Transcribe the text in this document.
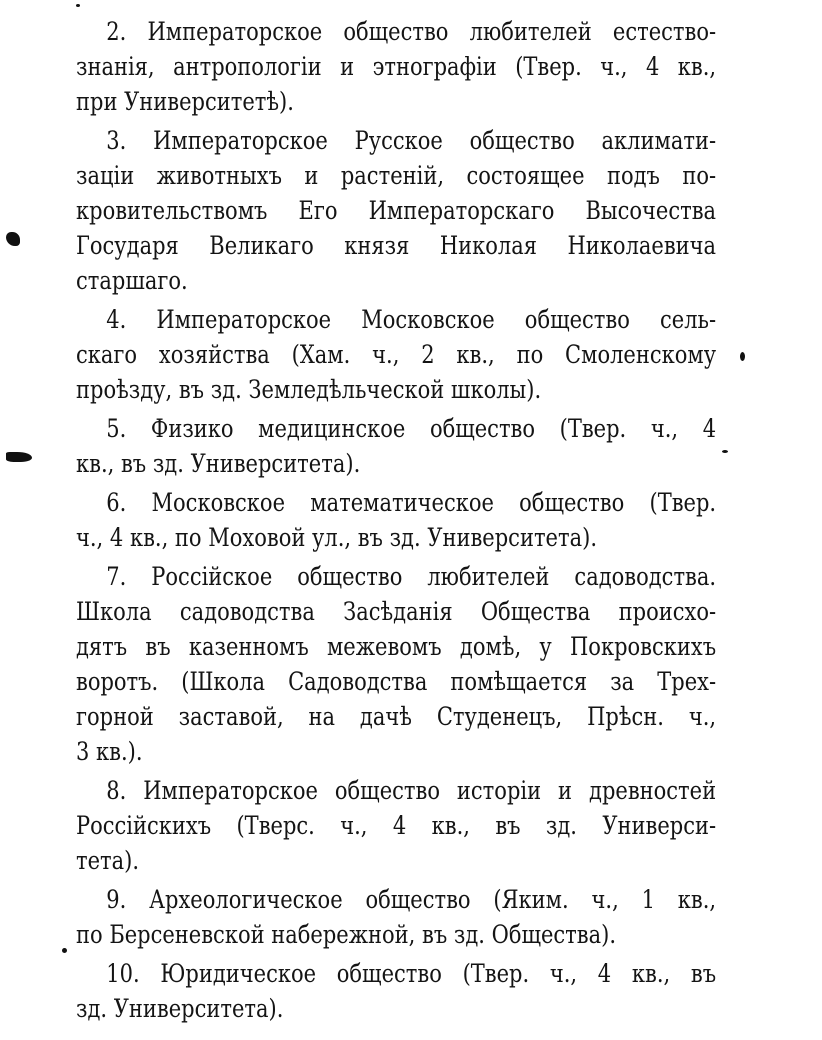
2. Императорское общество любителей естество-
знанія, антропологіи и этнографіи (Твер. ч., 4 кв.,
при Университетѣ).
3. Императорское Русское общество аклимати-
заціи животныхъ и растеній, состоящее подъ по-
кровительствомъ Его Императорскаго Высочества
Государя Великаго князя Николая Николаевича
старшаго.
4. Императорское Московское общество сель-
скаго хозяйства (Хам. ч., 2 кв., по Смоленскому
проѣзду, въ зд. Земледѣльческой школы).
5. Физико медицинское общество (Твер. ч., 4
кв., въ зд. Университета).
6. Московское математическое общество (Твер.
ч., 4 кв., по Моховой ул., въ зд. Университета).
7. Россійское общество любителей садоводства.
Школа садоводства Засѣданія Общества происхо-
дятъ въ казенномъ межевомъ домѣ, у Покровскихъ
воротъ. (Школа Садоводства помѣщается за Трех-
горной заставой, на дачѣ Студенецъ, Прѣсн. ч.,
3 кв.).
8. Императорское общество исторіи и древностей
Россійскихъ (Тверс. ч., 4 кв., въ зд. Универси-
тета).
9. Археологическое общество (Яким. ч., 1 кв.,
по Берсеневской набережной, въ зд. Общества).
10. Юридическое общество (Твер. ч., 4 кв., въ
зд. Университета).
